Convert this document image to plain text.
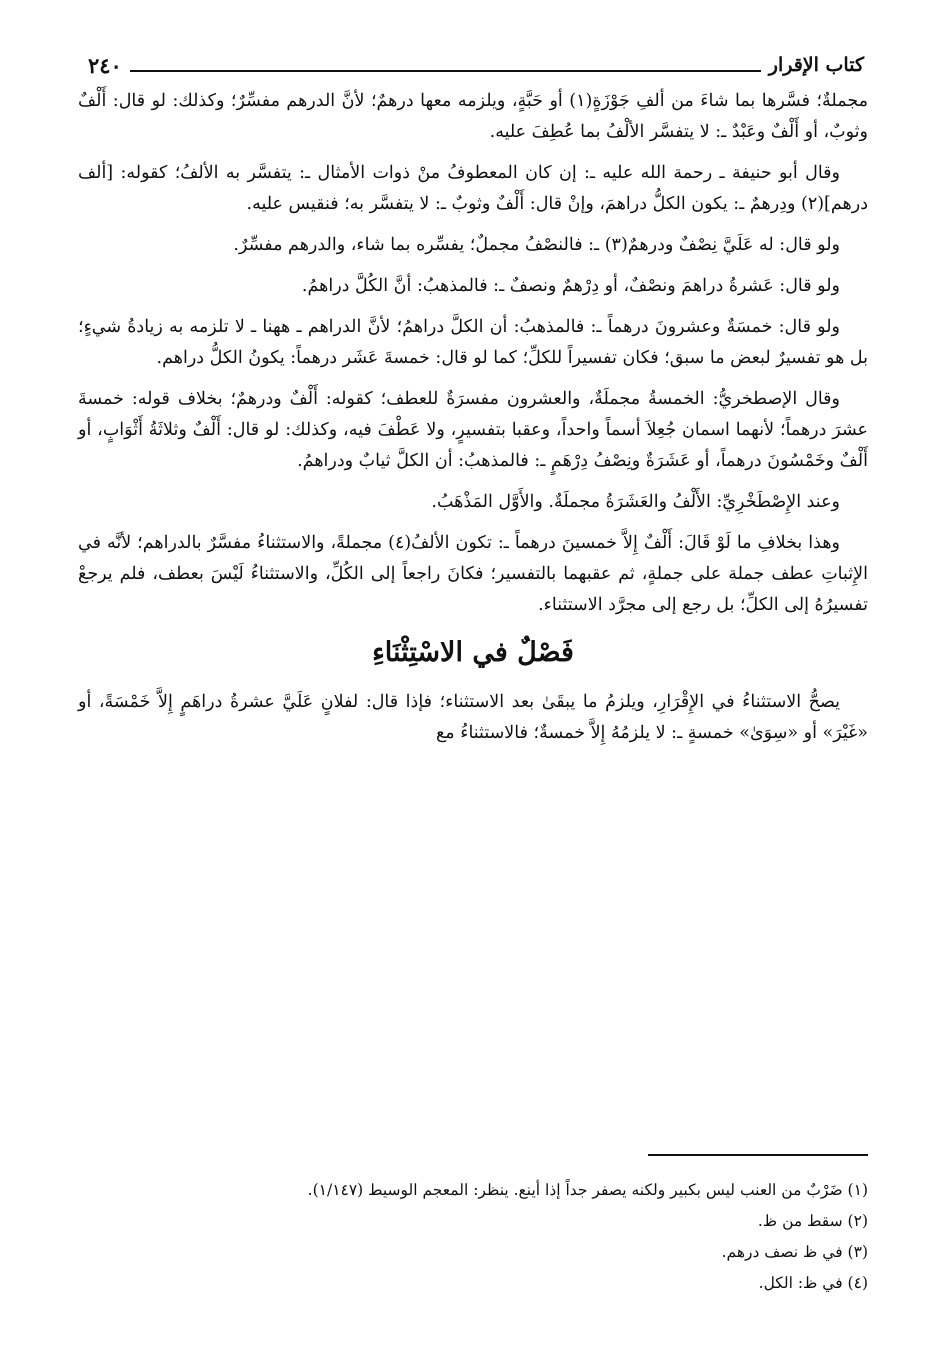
كتاب الإقرار
٢٤٠

مجملةٌ؛ فسَّرها بما شاءَ من ألفِ جَوْزَةٍ(١) أو حَبَّةٍ، ويلزمه معها درهمٌ؛ لأنَّ الدرهم مفسِّرٌ؛ وكذلك: لو قال: أَلْفٌ وثوبٌ، أو أَلْفٌ وعَبْدٌ ـ: لا يتفسَّر الألْفُ بما عُطِفَ عليه.

وقال أبو حنيفة ـ رحمة الله عليه ـ: إن كان المعطوفُ منْ ذوات الأمثال ـ: يتفسَّر به الألفُ؛ كقوله: [ألف درهم](٢) ودِرهمٌ ـ: يكون الكلُّ دراهمَ، وإنْ قال: أَلْفٌ وثوبٌ ـ: لا يتفسَّر به؛ فنقيس عليه.

ولو قال: له عَلَيَّ نِصْفٌ ودرهمٌ(٣) ـ: فالنصْفُ مجملٌ؛ يفسِّره بما شاء، والدرهم مفسِّرٌ.

ولو قال: عَشرةُ دراهمَ ونصْفٌ، أو دِرْهمٌ ونصفٌ ـ: فالمذهبُ: أنَّ الكُلَّ دراهمُ.

ولو قال: خمسَةٌ وعشرونَ درهماً ـ: فالمذهبُ: أن الكلَّ دراهمُ؛ لأنَّ الدراهم ـ ههنا ـ لا تلزمه به زيادةُ شيءٍ؛ بل هو تفسيرٌ لبعض ما سبق؛ فكان تفسيراً للكلِّ؛ كما لو قال: خمسةَ عَشَر درهماً: يكونُ الكلُّ دراهم.

وقال الإصطخريُّ: الخمسةُ مجملَةٌ، والعشرون مفسرَةٌ للعطف؛ كقوله: أَلْفٌ ودرهمٌ؛ بخلاف قوله: خمسةَ عشرَ درهماً؛ لأنهما اسمان جُعِلاَ أسماً واحداً، وعقبا بتفسيرٍ، ولا عَطْفَ فيه، وكذلك: لو قال: أَلْفٌ وثلاثَةُ أَثْوَابٍ، أو أَلْفٌ وخَمْسُونَ درهماً، أو عَشَرَةٌ ونِصْفُ دِرْهَمٍ ـ: فالمذهبُ: أن الكلَّ ثيابٌ ودراهمُ.

وعند الإِصْطَخْرِيِّ: الأَلْفُ والعَشَرَةُ مجملَةٌ. والأَوَّل المَذْهَبُ.

وهذا بخلافِ ما لَوْ قَالَ: أَلْفٌ إِلاَّ خمسينَ درهماً ـ: تكون الألفُ(٤) مجملةً، والاستثناءُ مفسَّرٌ بالدراهم؛ لأنَّه في الإِثباتِ عطف جملة على جملةٍ، ثم عقبهما بالتفسير؛ فكانَ راجعاً إلى الكُلِّ، والاستثناءُ لَيْسَ بعطف، فلم يرجعْ تفسيرُهُ إلى الكلِّ؛ بل رجع إلى مجرَّد الاستثناء.

فَصْلٌ في الاسْتِثْنَاءِ

يصحُّ الاستثناءُ في الإِقْرَارِ، ويلزمُ ما يبقَىٰ بعد الاستثناء؛ فإذا قال: لفلانٍ عَلَيَّ عشرةُ دراهَمٍ إِلاَّ خَمْسَةً، أو «غَيْرَ» أو «سِوَىٰ» خمسةٍ ـ: لا يلزمُهُ إِلاَّ خمسةٌ؛ فالاستثناءُ مع

(١) ضَرْبٌ من العنب ليس بكبير ولكنه يصفر جداً إذا أينع. ينظر: المعجم الوسيط (١/١٤٧).

(٢) سقط من ظ.

(٣) في ظ نصف درهم.

(٤) في ظ: الكل.
